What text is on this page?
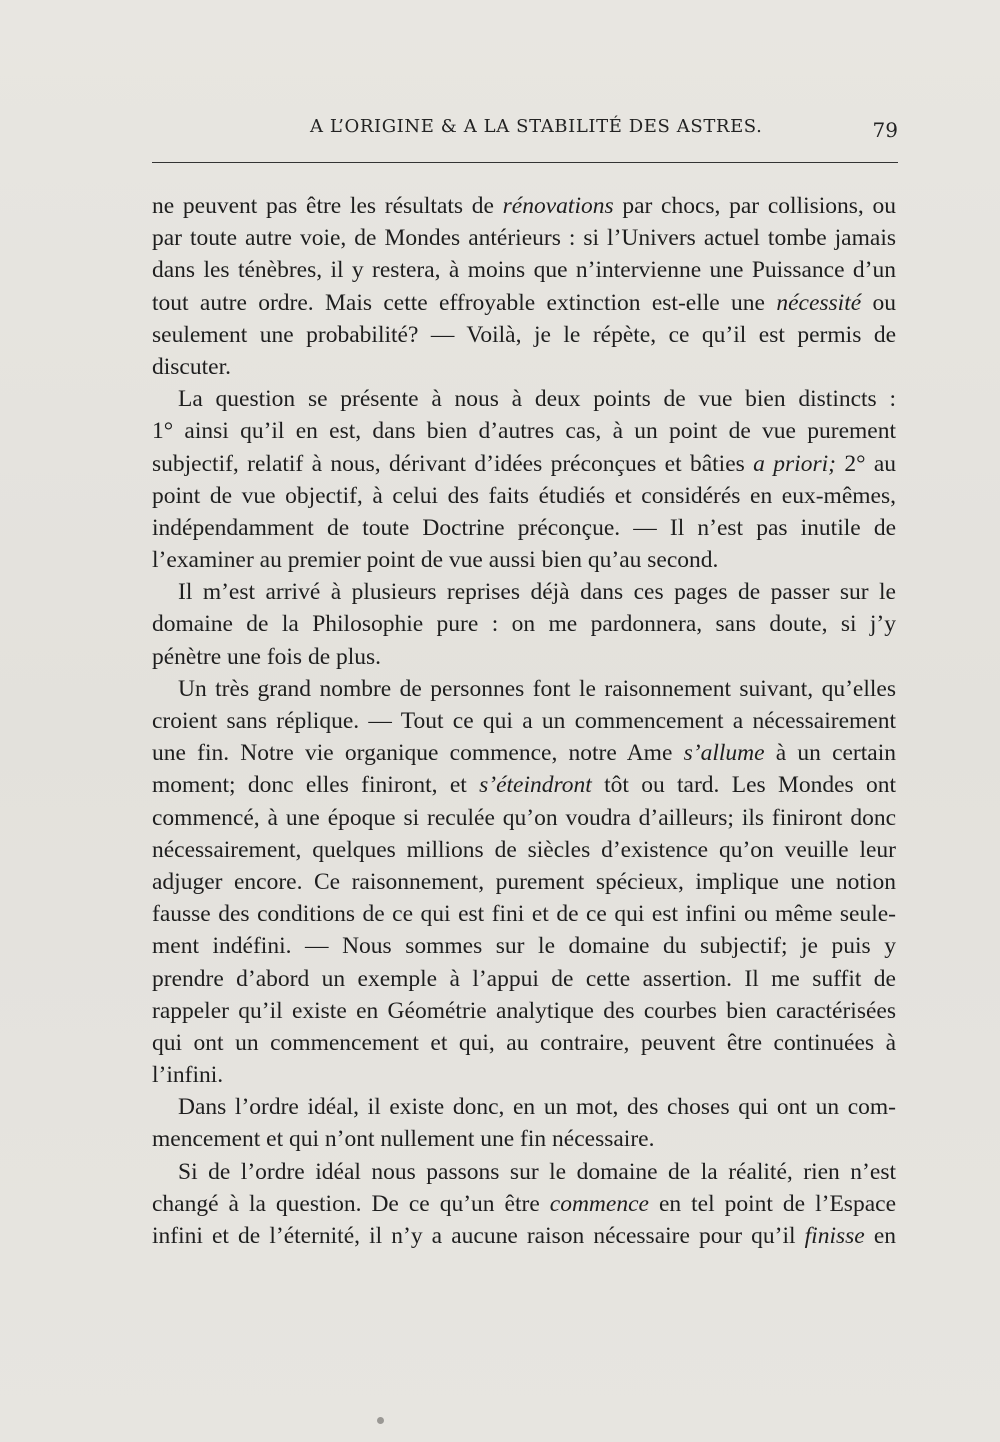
A L’ORIGINE & A LA STABILITÉ DES ASTRES.	79
ne peuvent pas être les résultats de rénovations par chocs, par collisions, ou
par toute autre voie, de Mondes antérieurs : si l’Univers actuel tombe jamais
dans les ténèbres, il y restera, à moins que n’intervienne une Puissance d’un
tout autre ordre. Mais cette effroyable extinction est-elle une nécessité ou
seulement une probabilité? — Voilà, je le répète, ce qu’il est permis de
discuter.
La question se présente à nous à deux points de vue bien distincts :
1° ainsi qu’il en est, dans bien d’autres cas, à un point de vue purement
subjectif, relatif à nous, dérivant d’idées préconçues et bâties a priori; 2° au
point de vue objectif, à celui des faits étudiés et considérés en eux-mêmes,
indépendamment de toute Doctrine préconçue. — Il n’est pas inutile de
l’examiner au premier point de vue aussi bien qu’au second.
Il m’est arrivé à plusieurs reprises déjà dans ces pages de passer sur le
domaine de la Philosophie pure : on me pardonnera, sans doute, si j’y
pénètre une fois de plus.
Un très grand nombre de personnes font le raisonnement suivant, qu’elles
croient sans réplique. — Tout ce qui a un commencement a nécessairement
une fin. Notre vie organique commence, notre Ame s’allume à un certain
moment; donc elles finiront, et s’éteindront tôt ou tard. Les Mondes ont
commencé, à une époque si reculée qu’on voudra d’ailleurs; ils finiront donc
nécessairement, quelques millions de siècles d’existence qu’on veuille leur
adjuger encore. Ce raisonnement, purement spécieux, implique une notion
fausse des conditions de ce qui est fini et de ce qui est infini ou même seule-
ment indéfini. — Nous sommes sur le domaine du subjectif; je puis y
prendre d’abord un exemple à l’appui de cette assertion. Il me suffit de
rappeler qu’il existe en Géométrie analytique des courbes bien caractérisées
qui ont un commencement et qui, au contraire, peuvent être continuées à
l’infini.
Dans l’ordre idéal, il existe donc, en un mot, des choses qui ont un com-
mencement et qui n’ont nullement une fin nécessaire.
Si de l’ordre idéal nous passons sur le domaine de la réalité, rien n’est
changé à la question. De ce qu’un être commence en tel point de l’Espace
infini et de l’éternité, il n’y a aucune raison nécessaire pour qu’il finisse en
